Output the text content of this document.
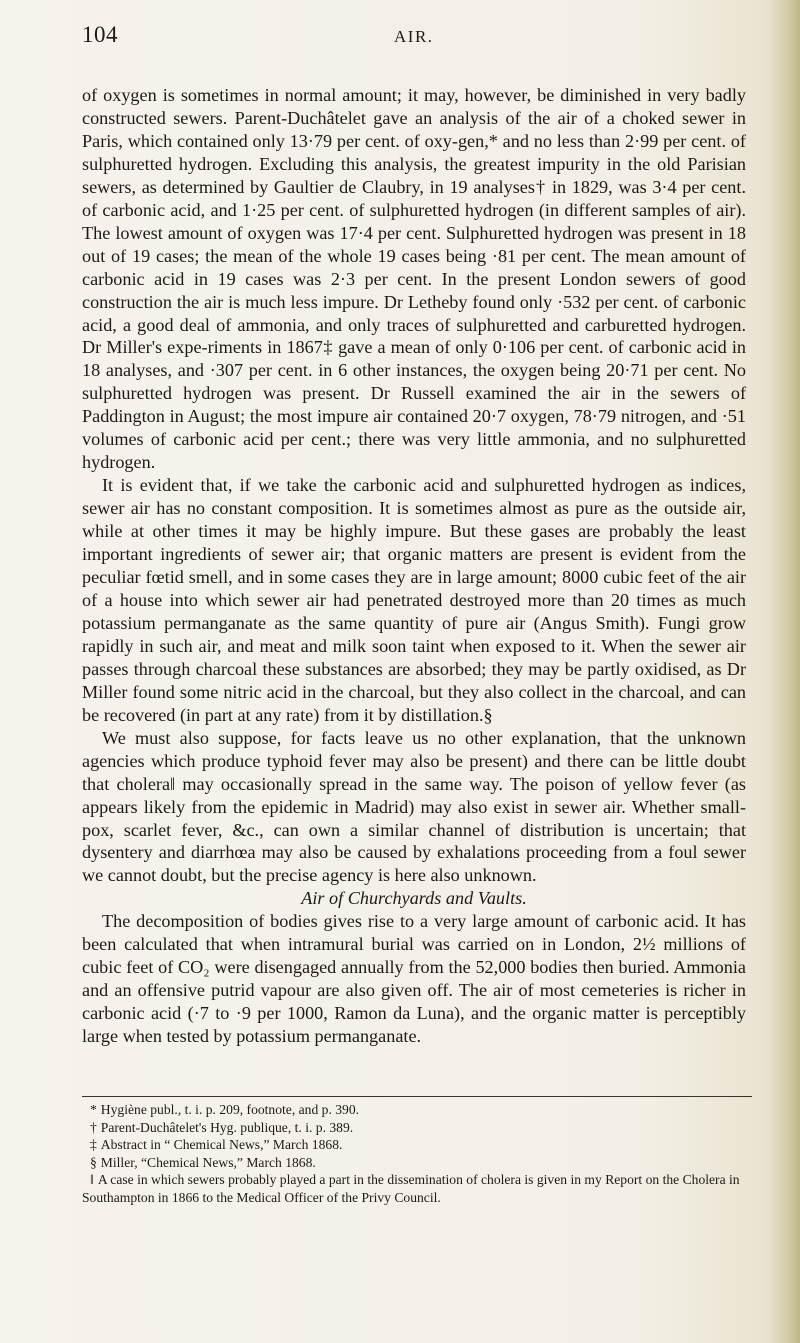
104	AIR.

of oxygen is sometimes in normal amount; it may, however, be diminished in very badly constructed sewers. Parent-Duchâtelet gave an analysis of the air of a choked sewer in Paris, which contained only 13·79 per cent. of oxy-gen,* and no less than 2·99 per cent. of sulphuretted hydrogen. Excluding this analysis, the greatest impurity in the old Parisian sewers, as determined by Gaultier de Claubry, in 19 analyses† in 1829, was 3·4 per cent. of carbonic acid, and 1·25 per cent. of sulphuretted hydrogen (in different samples of air). The lowest amount of oxygen was 17·4 per cent. Sulphuretted hydrogen was present in 18 out of 19 cases; the mean of the whole 19 cases being ·81 per cent. The mean amount of carbonic acid in 19 cases was 2·3 per cent. In the present London sewers of good construction the air is much less impure. Dr Letheby found only ·532 per cent. of carbonic acid, a good deal of ammonia, and only traces of sulphuretted and carburetted hydrogen. Dr Miller's expe-riments in 1867‡ gave a mean of only 0·106 per cent. of carbonic acid in 18 analyses, and ·307 per cent. in 6 other instances, the oxygen being 20·71 per cent. No sulphuretted hydrogen was present. Dr Russell examined the air in the sewers of Paddington in August; the most impure air contained 20·7 oxygen, 78·79 nitrogen, and ·51 volumes of carbonic acid per cent.; there was very little ammonia, and no sulphuretted hydrogen.

It is evident that, if we take the carbonic acid and sulphuretted hydrogen as indices, sewer air has no constant composition. It is sometimes almost as pure as the outside air, while at other times it may be highly impure. But these gases are probably the least important ingredients of sewer air; that organic matters are present is evident from the peculiar fœtid smell, and in some cases they are in large amount; 8000 cubic feet of the air of a house into which sewer air had penetrated destroyed more than 20 times as much potassium permanganate as the same quantity of pure air (Angus Smith). Fungi grow rapidly in such air, and meat and milk soon taint when exposed to it. When the sewer air passes through charcoal these substances are absorbed; they may be partly oxidised, as Dr Miller found some nitric acid in the charcoal, but they also collect in the charcoal, and can be recovered (in part at any rate) from it by distillation.§

We must also suppose, for facts leave us no other explanation, that the unknown agencies which produce typhoid fever may also be present) and there can be little doubt that cholera‖ may occasionally spread in the same way. The poison of yellow fever (as appears likely from the epidemic in Madrid) may also exist in sewer air. Whether small-pox, scarlet fever, &c., can own a similar channel of distribution is uncertain; that dysentery and diarrhœa may also be caused by exhalations proceeding from a foul sewer we cannot doubt, but the precise agency is here also unknown.

Air of Churchyards and Vaults.

The decomposition of bodies gives rise to a very large amount of carbonic acid. It has been calculated that when intramural burial was carried on in London, 2½ millions of cubic feet of CO₂ were disengaged annually from the 52,000 bodies then buried. Ammonia and an offensive putrid vapour are also given off. The air of most cemeteries is richer in carbonic acid (·7 to ·9 per 1000, Ramon da Luna), and the organic matter is perceptibly large when tested by potassium permanganate.

* Hygiène publ., t. i. p. 209, footnote, and p. 390.

† Parent-Duchâtelet's Hyg. publique, t. i. p. 389.

‡ Abstract in “ Chemical News,” March 1868.

§ Miller, “Chemical News,” March 1868.

‖ A case in which sewers probably played a part in the dissemination of cholera is given in my Report on the Cholera in Southampton in 1866 to the Medical Officer of the Privy Council.
